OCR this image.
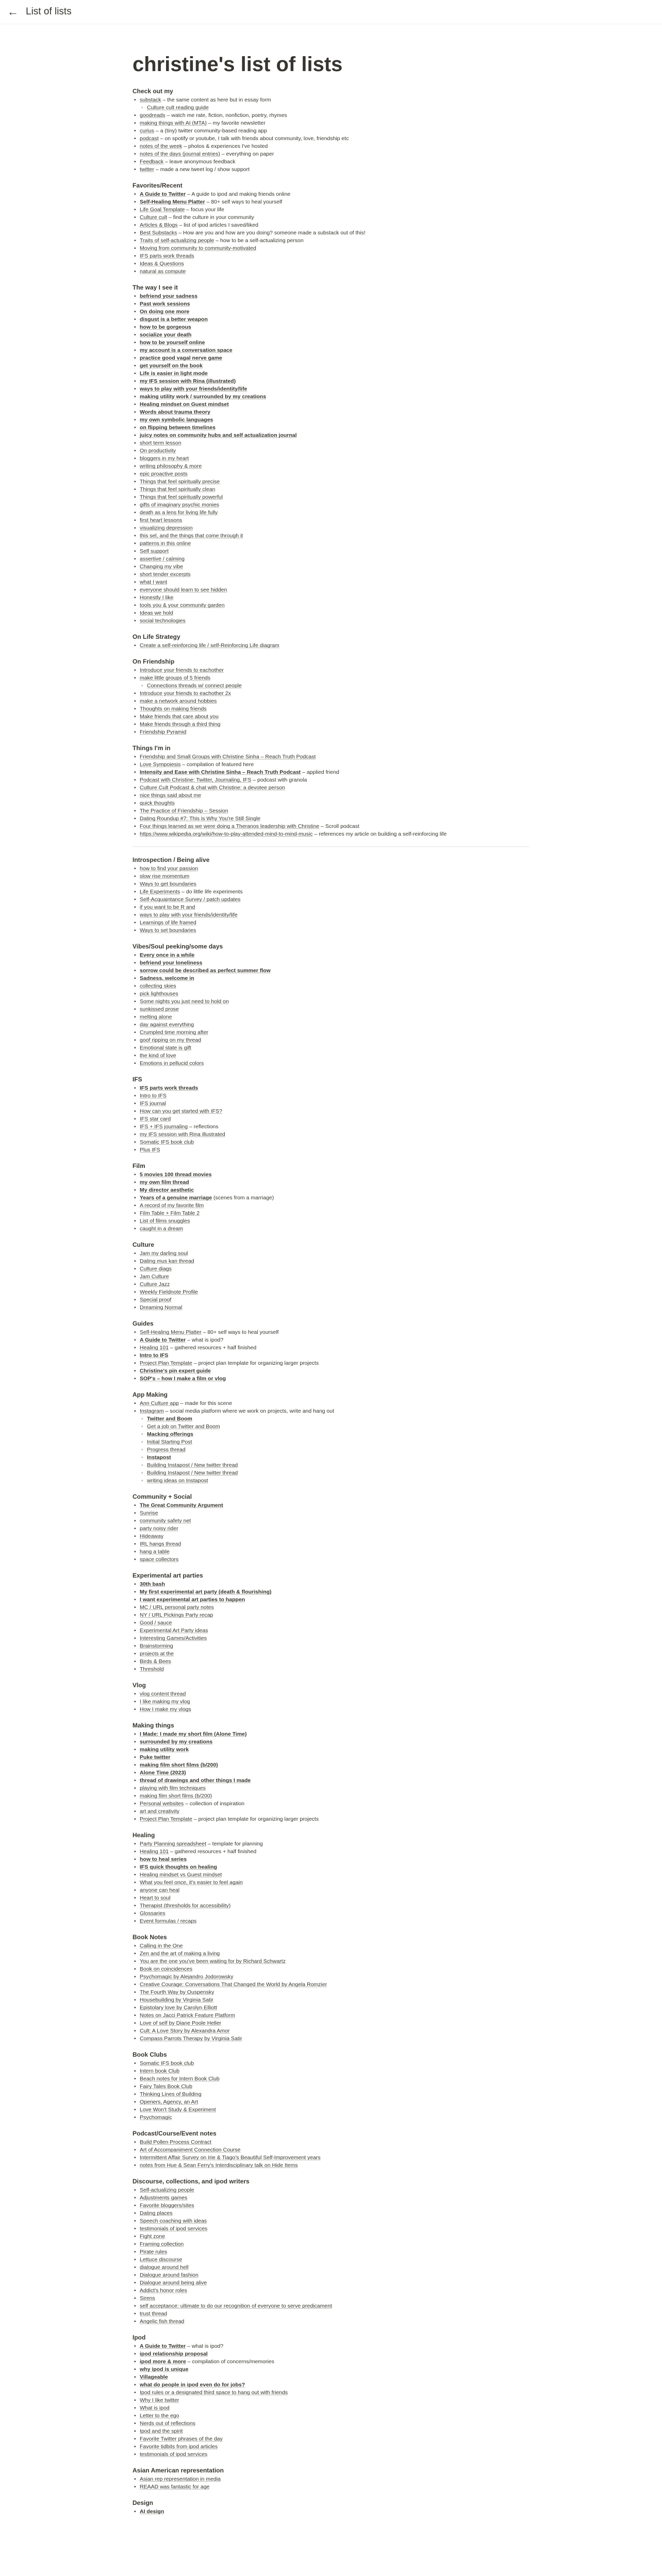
← List of lists
christine's list of lists
Check out my
• substack – the same content as here but in essay form
◦ Culture cult reading guide
• goodreads – watch me rate, fiction, nonfiction, poetry, rhymes
• making things with AI (MTA) – my favorite newsletter
• curius – a (tiny) twitter community-based reading app
• podcast – on spotify or youtube, I talk with friends about community, love, friendship etc
• notes of the week – photos & experiences I've hosted
• notes of the days (journal entries) – everything on paper
• Feedback – leave anonymous feedback
• twitter – made a new tweet log / show support
Favorites/Recent
• A Guide to Twitter – A guide to ipod and making friends online
• Self-Healing Menu Platter – 80+ self ways to heal yourself
• Life Goal Template – focus your life
• Culture cult – find the culture in your community
• Articles & Blogs – list of ipod articles I saved/liked
• Best Substacks – How are you and how are you doing? someone made a substack out of this!
• Traits of self-actualizing people – how to be a self-actualizing person
• Moving from community to community-motivated
• IFS parts work threads
• Ideas & Questions
• natural as compute
The way I see it
• befriend your sadness
• Past work sessions
• On doing one more
• disgust is a better weapon
• how to be gorgeous
• socialize your death
• how to be yourself online
• my account is a conversation space
• practice good vagal nerve game
• get yourself on the book
• Life is easier in light mode
• my IFS session with Rina (illustrated)
• ways to play with your friends/identity/life
• making utility work / surrounded by my creations
• Healing mindset on Guest mindset
• Words about trauma theory
• my own symbolic languages
• on flipping between timelines
• juicy notes on community hubs and self actualization journal
• short term lesson
• On productivity
• bloggers in my heart
• writing philosophy & more
• epic proactive posts
• Things that feel spiritually precise
• Things that feel spiritually clean
• Things that feel spiritually powerful
• gifts of imaginary psychic monies
• death as a lens for living life fully
• first heart lessons
• visualizing depression
• this sel, and the things that come through it
• patterns in this online
• Self support
• assertive / calming
• Changing my vibe
• short tender excerpts
• what I want
• everyone should learn to see hidden
• Honestly I like
• tools you & your community garden
• Ideas we hold
• social technologies
On Life Strategy
• Create a self-reinforcing life / self-Reinforcing Life diagram
On Friendship
• Introduce your friends to eachother
• make little groups of 5 friends
◦ Connections threads w/ connect people
• Introduce your friends to eachother 2x
• make a network around hobbies
• Thoughts on making friends
• Make friends that care about you
• Make friends through a third thing
• Friendship Pyramid
Things I'm in
• Friendship and Small Groups with Christine Sinha – Reach Truth Podcast
• Love Sympoiesis – compilation of featured here
• Intensity and Ease with Christine Sinha – Reach Truth Podcast – applied friend
• Podcast with Christine: Twitter, Journaling, IFS – podcast with granola
• Culture Cult Podcast & chat with Christine: a devotee person
• nice things said about me
• quick thoughts
• The Practice of Friendship – Session
• Dating Roundup #7: This is Why You're Still Single
• Four things learned as we were doing a Theranos leadership with Christine – Scroll podcast
• https://www.wikipedia.org/wiki/how-to-play-attended-mind-to-mind-music – references my article on building a self-reinforcing life
Introspection / Being alive
• how to find your passion
• slow rise momentum
• Ways to get boundaries
• Life Experiments – do little life experiments
• Self-Acquaintance Survey / patch updates
• if you want to be R and
• ways to play with your friends/identity/life
• Learnings of life framed
• Ways to set boundaries
Vibes/Soul peeking/some days
• Every once in a while
• befriend your loneliness
• sorrow could be described as perfect summer flow
• Sadness, welcome in
• collecting skies
• pick lighthouses
• Some nights you just need to hold on
• sunkissed prose
• melting alone
• day against everything
• Crumpled time morning after
• goof ripping on my thread
• Emotional state is gift
• the kind of love
• Emotions in pellucid colors
IFS
• IFS parts work threads
• Intro to IFS
• IFS journal
• How can you get started with IFS?
• IFS star card
• IFS + IFS journaling – reflections
• my IFS session with Rina illustrated
• Somatic IFS book club
• Plus IFS
Film
• 5 movies 100 thread movies
• my own film thread
• My director aesthetic
• Years of a genuine marriage (scenes from a marriage)
• A record of my favorite film
• Film Table + Film Table 2
• List of films snuggles
• caught in a dream
Culture
• Jam my darling soul
• Dating mus kan thread
• Culture diags
• Jam Culture
• Culture Jazz
• Weekly Fieldnote Profile
• Special proof
• Dreaming Normal
Guides
• Self-Healing Menu Platter – 80+ self ways to heal yourself
• A Guide to Twitter – what is ipod?
• Healing 101 – gathered resources + half finished
• Intro to IFS
• Project Plan Template – project plan template for organizing larger projects
• Christine's pin expert guide
• SOP's – how I make a film or vlog
App Making
• Ann Culture app – made for this scene
• Instagram – social media platform where we work on projects, write and hang out
◦ Twitter and Boom
◦ Get a job on Twitter and Boom
◦ Macking offerings
◦ Initial Starting Post
◦ Progress thread
◦ Instapost
◦ Building Instapost / New twitter thread
◦ Building Instapost / New twitter thread
◦ writing ideas on Instapost
Community + Social
• The Great Community Argument
• Sunrise
• community safety net
• party noisy rider
• Hideaway
• IRL hangs thread
• hang a table
• space collectors
Experimental art parties
• 30th bash
• My first experimental art party (death & flourishing)
• I want experimental art parties to happen
• MC / URL personal party notes
• NY / URL Pickings Party recap
• Good / sauce
• Experimental Art Party ideas
• Interesting Games/Activities
• Brainstorming
• projects at the
• Birds & Bees
• Threshold
Vlog
• vlog content thread
• I like making my vlog
• How I make my vlogs
Making things
• I Made: I made my short film (Alone Time)
• surrounded by my creations
• making utility work
• Puke twitter
• making film short films (b/200)
• Alone Time (2023)
• thread of drawings and other things I made
• playing with film techniques
• making film short films (b/200)
• Personal websites – collection of inspiration
• art and creativity
• Project Plan Template – project plan template for organizing larger projects
Healing
• Party Planning spreadsheet – template for planning
• Healing 101 – gathered resources + half finished
• how to heal series
• IFS quick thoughts on healing
• Healing mindset vs Guest mindset
• What you feel once, it's easier to feel again
• anyone can heal
• Heart to soul
• Therapist (thresholds for accessibility)
• Glossaries
• Event formulas / recaps
Book Notes
• Calling in the One
• Zen and the art of making a living
• You are the one you've been waiting for by Richard Schwartz
• Book on coincidences
• Psychomagic by Alejandro Jodorowsky
• Creative Courage: Conversations That Changed the World by Angela Romzier
• The Fourth Way by Ouspensky
• Housebuilding by Virginia Satir
• Epistolary love by Carolyn Elliott
• Notes on Jacci Patrick Feature Platform
• Love of self by Diane Poole Heller
• Cult: A Love Story by Alexandra Amor
• Compass Parrots Therapy by Virginia Satir
Book Clubs
• Somatic IFS book club
• Intern book Club
• Beach notes for Intern Book Club
• Fairy Tales Book Club
• Thinking Lines of Building
• Openers, Agency, an Art
• Love Won't Study & Experiment
• Psychomagic
Podcast/Course/Event notes
• Build Pollen Process Contract
• Art of Accompaniment Connection Course
• Intermittent Affair Survey on Irie & Tiago's Beautiful Self-Improvement years
• notes from Hue & Sean Ferry's Interdisciplinary talk on Hide Items
Discourse, collections, and ipod writers
• Self-actualizing people
• Adjustments games
• Favorite bloggers/sites
• Dating places
• Speech coaching with ideas
• testimonials of ipod services
• Fight zone
• Framing collection
• Pirate rules
• Lettuce discourse
• dialogue around hell
• Dialogue around fashion
• Dialogue around being alive
• Addict's honor roles
• Sirens
• self acceptance: ultimate to do our recognition of everyone to serve predicament
• trust thread
• Angelic fish thread
Ipod
• A Guide to Twitter – what is ipod?
• ipod relationship proposal
• ipod more & more – compilation of concerns/memories
• why ipod is unique
• Villageable
• what do people in ipod even do for jobs?
• Ipod rules or a designated third space to hang out with friends
• Why I like twitter
• What is ipod
• Letter to the ego
• Nerds out of reflections
• Ipod and the spirit
• Favorite Twitter phrases of the day
• Favorite tidbits from ipod articles
• testimonials of ipod services
Asian American representation
• Asian rep representation in media
• REAAD was fantastic for age
Design
• AI design
